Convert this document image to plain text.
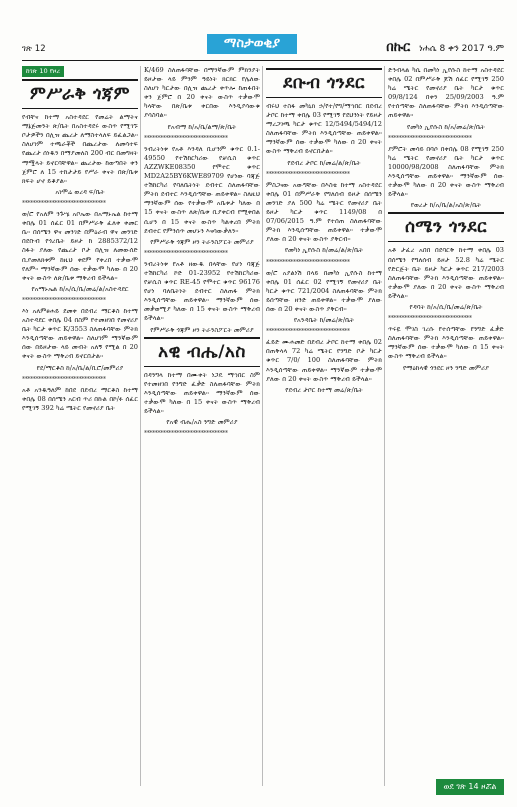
ገጽ 12	ማስታወቂያ	በኩር ነሐሴ 8 ቀን 2017 ዓ.ም
ከገጽ 10 የዞረ
ምሥራቅ ጎጃም

የብቸና ከተማ አስተዳደር የመሬት ልማትና ማኔጅመንት ጽ/ቤት በአስተዳደሩ ውስጥ የሚገኙ ቦታዎችን በሊዝ ጨረታ ለማስተላለፍ ይፈልጋል፡፡ ስለሆነም ተጫራቾች በጨረታው ለመሳተፍ የጨረታ ሰነዱን በማያመለስ 200 ብር በመግዛት ማሟላት ይኖርባቸዋል፡፡ ጨረታው ከወጣበት ቀን ጀምሮ ለ 15 ተከታታይ የሥራ ቀናት በጽ/ቤቱ ክፍት ሆኖ ይቆያል፡፡

አነሞሬ ወረዳ ፍ/ቤት
*******************************

ወ/ሮ የአለም ንጉሤ አቦኤው በአማኑኤል ከተማ ቀበሌ 01 ሰፈር 01 በምሥራቅ ፈለቀ ቀመር ቤ፡፡ በሰሜን ዋና መንገድ በምዕራብ ዋና መንገድ በደቡብ የጎረቤት ይዞታ ከ 2885372/12 ስፋት ያለው የጨረታ ቦታ በሊዝ ለመውሰድ ቢያመለክቱም ከዚህ ቀደም የቀረበ ተቃውሞ የለም፡፡ ማንኛውም ሰው ተቃውሞ ካለው በ 20 ቀናት ውስጥ ለጽ/ቤቱ ማቅረብ ይችላል፡፡

የአማኑኤል ከ/አ/ሲ/ቤ/መሬ/ል/አስተዳደር
*******************************

እነ አለምፀሐይ ደመቀ በደብረ ማርቆስ ከተማ አስተዳደር ቀበሌ 04 በስም የተመዘገበ የመኖሪያ ቤት ካርታ ቁጥር K/3553 ስለጠፋባቸው ምትክ እንዲሰጣቸው ጠይቀዋል፡፡ ስለሆነም ማንኛውም ሰው በይዞታው ላይ መብት አለኝ የሚል በ 20 ቀናት ውስጥ ማቅረብ ይኖርበታል፡፡

የደ/ማርቆስ ከ/አ/ቤ/ል/ቢሮ/መምሪያ
*******************************

አቶ አንዱዓለም ከበደ በደብረ ማርቆስ ከተማ ቀበሌ 08 በሰሜን አርብ ጥሪ በኩል በኮ/ፉ ሰፈር የሚገኝ 392 ካሬ ሜትር የመኖሪያ ቤት

K/469 ስለጠፋባቸው በማንኛውም ምክንያት ይዞታው ላይ ምንም ዓይነት ክርክር የሌለው ስለሆነ ካርታው በሊዝ ጨረታ ቀጥሎ ከጠፋበት ቀን ጀምሮ በ 20 ቀናት ውስጥ ተቃውሞ ካላቸው በጽ/ቤቱ ቀርበው እንዲያሳውቁ ያሳስባል፡፡

የአብማ ከ/አ/ቤ/ልማ/ጽ/ቤት
*******************************

ንብረትነቱ የአቶ እንዳለ ቢሆንም ቁጥር 0.1-49550 የተሽከርካሪው የቻሲስ ቁጥር AZZWKE08350 የሞተር ቁጥር MD2A25BY6KWE89709 የሆነው ባጃጅ ተሽከርካሪ የባለቤትነት ደብተር ስለጠፋባቸው ምትክ ደብተር እንዲሰጣቸው ጠይቀዋል፡፡ ስለዚህ ማንኛውም ሰው የተቃውሞ አቤቱታ ካለው በ 15 ቀናት ውስጥ ለጽ/ቤቱ ቢያቀርብ የሚቀበል ሲሆን በ 15 ቀናት ውስጥ ካልቀረበ ምትክ ደብተር የምንሰጥ መሆኑን እናሳውቃለን፡፡

የምሥራቅ ጎጃም ዞን ትራንስፖርት መምሪያ
*******************************

ንብረትነቱ የአቶ ዘውዱ በላቸው የሆነ ባጃጅ ተሽከርካሪ ኮድ 01-23952 የተሽከርካሪው የቻሲስ ቁጥር RE-45 የሞተር ቁጥር 96176 የሆነ ባለቤትነት ደብተር ስለጠፋ ምትክ እንዲሰጣቸው ጠይቀዋል፡፡ ማንኛውም ሰው መቃወሚያ ካለው በ 15 ቀናት ውስጥ ማቅረብ ይችላል፡፡

የምሥራቅ ጎጃም ዞን ትራንስፖርት መምሪያ
አዊ ብሔ/አስ

በዳንግላ ከተማ በሙቀት ነጋዴ ማኅበር ስም የተመዘገበ የንግድ ፈቃድ ስለጠፋባቸው ምትክ እንዲሰጣቸው ጠይቀዋል፡፡ ማንኛውም ሰው ተቃውሞ ካለው በ 15 ቀናት ውስጥ ማቅረብ ይችላል፡፡

የአዊ ብሔ/አስ ንግድ መምሪያ
*******************************
ደቡብ ጎንደር

ብሩህ ተስፋ መካኒክ ኃ/የተ/የግ/ማኅበር በደብረ ታቦር ከተማ ቀበሌ 03 የሚገኝ የደህንነት የይዞታ ማረጋገጫ ካርታ ቁጥር 12/5494/5494/12 ስለጠፋባቸው ምትክ እንዲሰጣቸው ጠይቀዋል፡፡ ማንኛውም ሰው ተቃውሞ ካለው በ 20 ቀናት ውስጥ ማቅረብ ይኖርበታል፡፡

የደብረ ታቦር ከ/መሬ/ል/ጽ/ቤት
*******************************

ምስጋናው አውግቸው በእስቴ ከተማ አስተዳደር ቀበሌ 01 በምሥራቅ የግለሰብ ይዞታ በሰሜን መንገድ ያለ 500 ካሬ ሜትር የመኖሪያ ቤት ይዞታ ካርታ ቁጥር 1149/08 በ 07/06/2015 ዓ.ም የተሰጠ ስለጠፋባቸው ምትክ እንዲሰጣቸው ጠይቀዋል፡፡ ተቃውሞ ያለው በ 20 ቀናት ውስጥ ያቅርብ፡፡

የመካነ ኢየሱስ ከ/መሬ/ል/ጽ/ቤት
*******************************

ወ/ሮ አያልነሽ በላይ በመካነ ኢየሱስ ከተማ ቀበሌ 01 ሰፈር 02 የሚገኝ የመኖሪያ ቤት ካርታ ቁጥር 721/2004 ስለጠፋባቸው ምትክ ይሰጣቸው ዘንድ ጠይቀዋል፡፡ ተቃውሞ ያለው ሰው በ 20 ቀናት ውስጥ ያቅርብ፡፡

የአንዳቤት ከ/መሬ/ጽ/ቤት
*******************************

ፈይድ ሙሐመድ በደብረ ታቦር ከተማ ቀበሌ 02 በጠቅላላ 72 ካሬ ሜትር የንግድ ቦታ ካርታ ቁጥር 7/0/ 100 ስለጠፋባቸው ምትክ እንዲሰጣቸው ጠይቀዋል፡፡ ማንኛውም ተቃውሞ ያለው በ 20 ቀናት ውስጥ ማቅረብ ይችላል፡፡

የደብረ ታቦር ከተማ መሬ/ጽ/ቤት

ድንብላል ካሴ በመካነ ኢየሱስ ከተማ አስተዳደር ቀበሌ 02 በምሥራቅ ጆሽ ሰፈር የሚገኝ 250 ካሬ ሜትር የመኖሪያ ቤት ካርታ ቁጥር 09/8/124 በቀን 25/09/2003 ዓ.ም የተሰጣቸው ስለጠፋባቸው ምትክ እንዲሰጣቸው ጠይቀዋል፡፡

የመካነ ኢየሱስ ከ/አ/መሬ/ጽ/ቤት
*******************************

ያምሮት መሳይ በባሶ በቀበሌ 08 የሚገኝ 250 ካሬ ሜትር የመኖሪያ ቤት ካርታ ቁጥር 10000/98/2008 ስለጠፋባቸው ምትክ እንዲሰጣቸው ጠይቀዋል፡፡ ማንኛውም ሰው ተቃውሞ ካለው በ 20 ቀናት ውስጥ ማቅረብ ይችላል፡፡

የወረታ ከ/አ/ቤ/ል/አስ/ጽ/ቤት
ሰሜን ጎንደር

አቶ ታፈረ አበበ በደባርቅ ከተማ ቀበሌ 03 በሰሜን የግለሰብ ይዞታ 52.8 ካሬ ሜትር የድርጅት ቤት ይዞታ ካርታ ቁጥር 217/2003 ስለጠፋባቸው ምትክ እንዲሰጣቸው ጠይቀዋል፡፡ ተቃውሞ ያለው በ 20 ቀናት ውስጥ ማቅረብ ይችላል፡፡

የዳባት ከ/አ/ሲ/ቤ/መሬ/ጽ/ቤት
*******************************

ጥሩዬ ሞገስ ገረሱ የተሰጣቸው የንግድ ፈቃድ ስለጠፋባቸው ምትክ እንዲሰጣቸው ጠይቀዋል፡፡ ማንኛውም ሰው ተቃውሞ ካለው በ 15 ቀናት ውስጥ ማቅረብ ይችላል፡፡

የማዕከላዊ ጎንደር ዞን ንግድ መምሪያ
ወደ ገጽ 14 ዞሯል
